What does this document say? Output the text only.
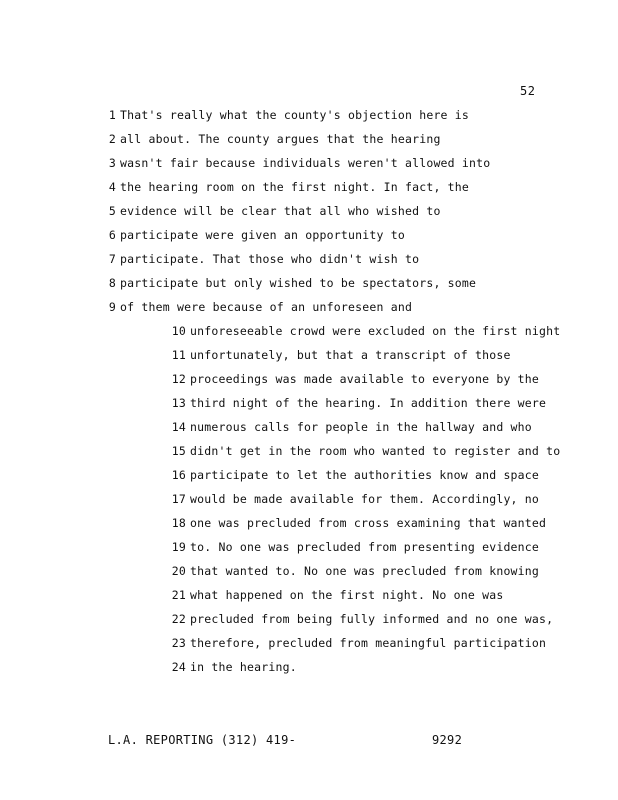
52
1 That's really what the county's objection here is
2 all about. The county argues that the hearing
3 wasn't fair because individuals weren't allowed into
4 the hearing room on the first night. In fact, the
5 evidence will be clear that all who wished to
6 participate were given an opportunity to
7 participate. That those who didn't wish to
8 participate but only wished to be spectators, some
9 of them were because of an unforeseen and
10 unforeseeable crowd were excluded on the first night
11 unfortunately, but that a transcript of those
12 proceedings was made available to everyone by the
13 third night of the hearing. In addition there were
14 numerous calls for people in the hallway and who
15 didn't get in the room who wanted to register and to
16 participate to let the authorities know and space
17 would be made available for them. Accordingly, no
18 one was precluded from cross examining that wanted
19 to. No one was precluded from presenting evidence
20 that wanted to. No one was precluded from knowing
21 what happened on the first night. No one was
22 precluded from being fully informed and no one was,
23 therefore, precluded from meaningful participation
24 in the hearing.
L.A. REPORTING (312) 419-	9292
